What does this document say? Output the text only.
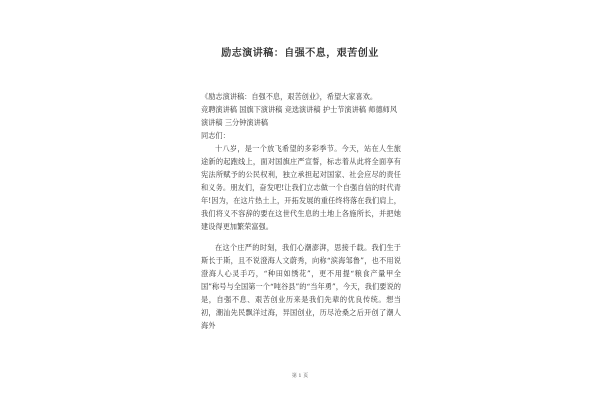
励志演讲稿：自强不息，艰苦创业

《励志演讲稿：自强不息，艰苦创业》，希望大家喜欢。

竞聘演讲稿 国旗下演讲稿 竞选演讲稿 护士节演讲稿 师德师风演讲稿 三分钟演讲稿

同志们：

十八岁，是一个放飞希望的多彩季节。今天，站在人生旅途新的起跑线上，面对国旗庄严宣誓，标志着从此将全面享有宪法所赋予的公民权利，独立承担起对国家、社会应尽的责任和义务。朋友们，奋发吧!让我们立志做一个自强自信的时代青年!因为，在这片热土上，开拓发展的重任终将落在我们肩上，我们将义不容辞的要在这世代生息的土地上各施所长，并把她建设得更加繁荣富强。

在这个庄严的时刻，我们心潮澎湃，思接千载。我们生于斯长于斯，且不说澄海人文蔚秀，向称“滨海邹鲁”，也不用说澄海人心灵手巧，“种田如绣花”，更不用提“粮食产量甲全国”称号与全国第一个“吨谷县”的“当年勇”，今天，我们要说的是，自强不息、艰苦创业历来是我们先辈的优良传统。想当初，潮汕先民飘洋过海，异国创业，历尽沧桑之后开创了潮人海外

第 1 页
